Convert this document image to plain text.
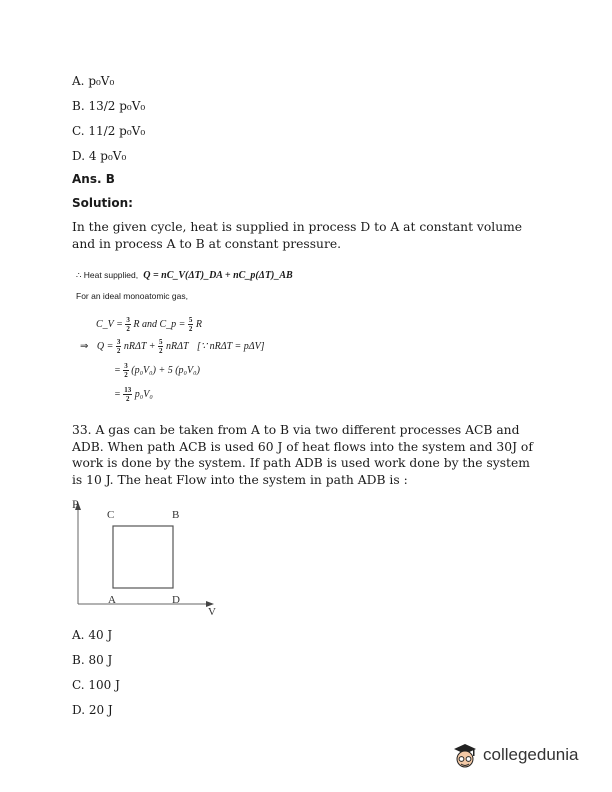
A. p₀V₀
B. 13/2 p₀V₀
C. 11/2 p₀V₀
D. 4 p₀V₀
Ans. B
Solution:
In the given cycle, heat is supplied in process D to A at constant volume and in process A to B at constant pressure.
∴ Heat supplied, Q = nC_V(ΔT)_DA + nC_p(ΔT)_AB
For an ideal monoatomic gas,
C_V = $\frac{3}{2}$ R and C_p = $\frac{5}{2}$ R
⇒ $Q = \frac{3}{2}$ $nR\Delta T + \frac{5}{2}$ nRΔT [∵ nRΔT = pΔV]
= $\frac{3}{2} (p_0V_0) + 5$ (p₀V₀)
= $\frac{13}{2} p_0V_0$
33. A gas can be taken from A to B via two different processes ACB and ADB. When path ACB is used 60 J of heat flows into the system and 30J of work is done by the system. If path ADB is used work done by the system is 10 J. The heat Flow into the system in path ADB is :
P
V
C	B
A	D
A. 40 J
B. 80 J
C. 100 J
D. 20 J
collegedunia
